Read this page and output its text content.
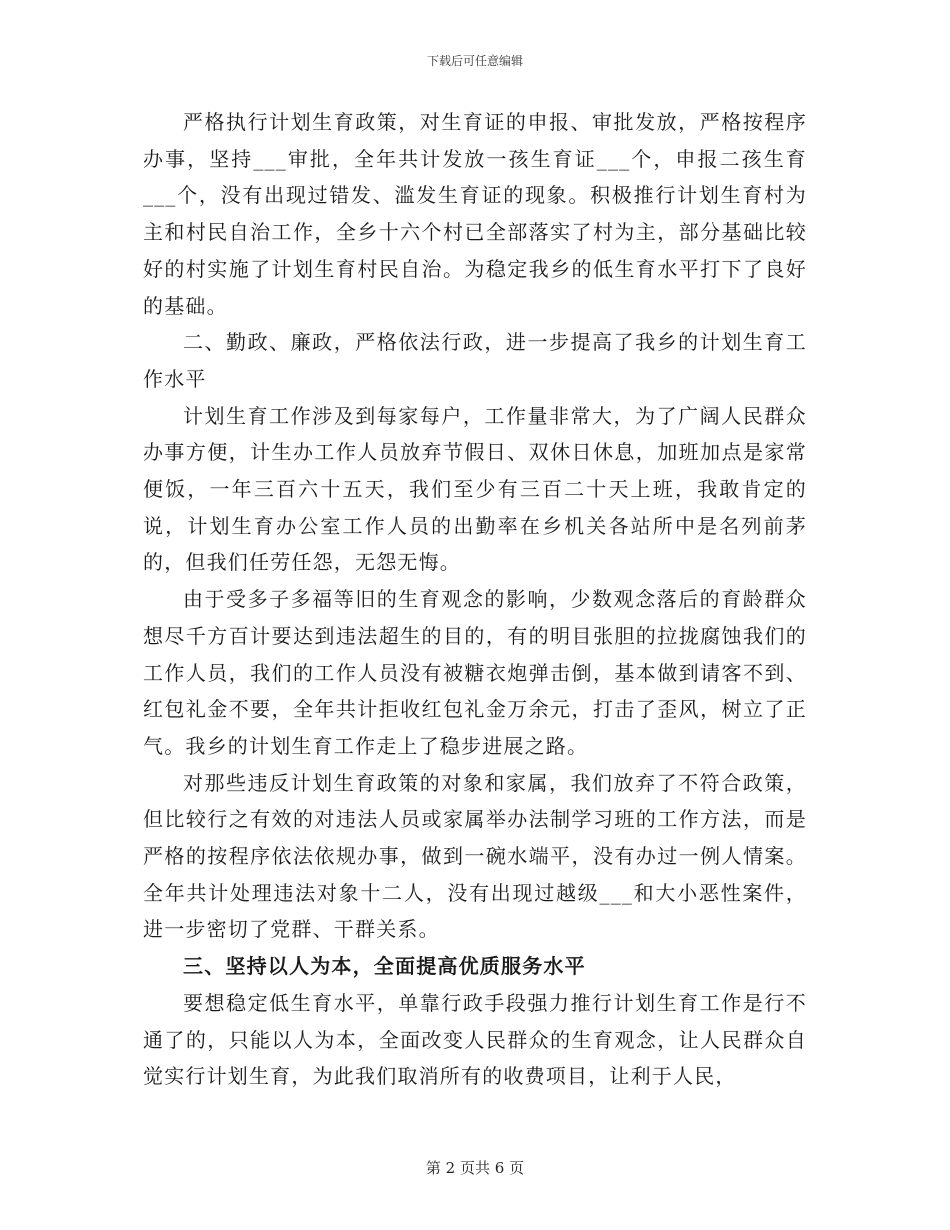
下载后可任意编辑

严格执行计划生育政策，对生育证的申报、审批发放，严格按程序办事，坚持___审批，全年共计发放一孩生育证___个，申报二孩生育___个，没有出现过错发、滥发生育证的现象。积极推行计划生育村为主和村民自治工作，全乡十六个村已全部落实了村为主，部分基础比较好的村实施了计划生育村民自治。为稳定我乡的低生育水平打下了良好的基础。

二、勤政、廉政，严格依法行政，进一步提高了我乡的计划生育工作水平

计划生育工作涉及到每家每户，工作量非常大，为了广阔人民群众办事方便，计生办工作人员放弃节假日、双休日休息，加班加点是家常便饭，一年三百六十五天，我们至少有三百二十天上班，我敢肯定的说，计划生育办公室工作人员的出勤率在乡机关各站所中是名列前茅的，但我们任劳任怨，无怨无悔。

由于受多子多福等旧的生育观念的影响，少数观念落后的育龄群众想尽千方百计要达到违法超生的目的，有的明目张胆的拉拢腐蚀我们的工作人员，我们的工作人员没有被糖衣炮弹击倒，基本做到请客不到、红包礼金不要，全年共计拒收红包礼金万余元，打击了歪风，树立了正气。我乡的计划生育工作走上了稳步进展之路。

对那些违反计划生育政策的对象和家属，我们放弃了不符合政策，但比较行之有效的对违法人员或家属举办法制学习班的工作方法，而是严格的按程序依法依规办事，做到一碗水端平，没有办过一例人情案。全年共计处理违法对象十二人，没有出现过越级___和大小恶性案件，进一步密切了党群、干群关系。

三、坚持以人为本，全面提高优质服务水平

要想稳定低生育水平，单靠行政手段强力推行计划生育工作是行不通了的，只能以人为本，全面改变人民群众的生育观念，让人民群众自觉实行计划生育，为此我们取消所有的收费项目，让利于人民，

第 2 页共 6 页
